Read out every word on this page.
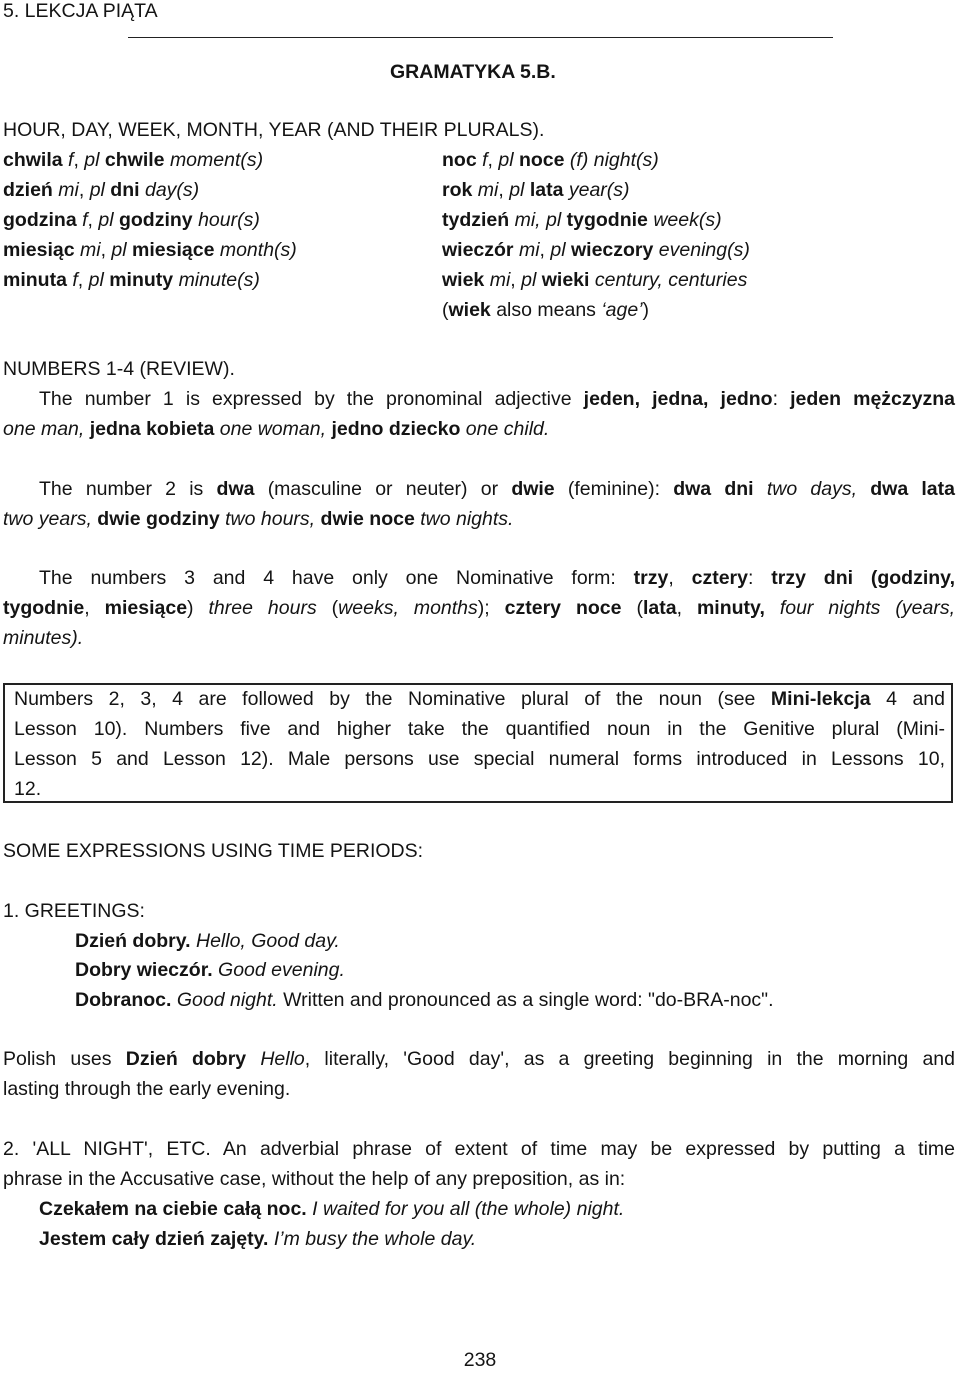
5. LEKCJA PIĄTA
GRAMATYKA 5.B.
HOUR, DAY, WEEK, MONTH, YEAR (AND THEIR PLURALS).
chwila f, pl chwile moment(s)
dzień mi, pl dni day(s)
godzina f, pl godziny hour(s)
miesiąc mi, pl miesiące month(s)
minuta f, pl minuty minute(s)
noc f, pl noce (f) night(s)
rok mi, pl lata year(s)
tydzień mi, pl tygodnie week(s)
wieczór mi, pl wieczory evening(s)
wiek mi, pl wieki century, centuries
(wiek also means ‘age’)
NUMBERS 1-4 (REVIEW).
The number 1 is expressed by the pronominal adjective jeden, jedna, jedno: jeden mężczyzna
one man, jedna kobieta one woman, jedno dziecko one child.
The number 2 is dwa (masculine or neuter) or dwie (feminine): dwa dni two days, dwa lata
two years, dwie godziny two hours, dwie noce two nights.
The numbers 3 and 4 have only one Nominative form: trzy, cztery: trzy dni (godziny,
tygodnie, miesiące) three hours (weeks, months); cztery noce (lata, minuty, four nights (years,
minutes).
Numbers 2, 3, 4 are followed by the Nominative plural of the noun (see Mini-lekcja 4 and
Lesson 10). Numbers five and higher take the quantified noun in the Genitive plural (Mini-
Lesson 5 and Lesson 12). Male persons use special numeral forms introduced in Lessons 10,
12.
SOME EXPRESSIONS USING TIME PERIODS:
1. GREETINGS:
Dzień dobry. Hello, Good day.
Dobry wieczór. Good evening.
Dobranoc. Good night. Written and pronounced as a single word: "do-BRA-noc".
Polish uses Dzień dobry Hello, literally, 'Good day', as a greeting beginning in the morning and
lasting through the early evening.
2. 'ALL NIGHT', ETC. An adverbial phrase of extent of time may be expressed by putting a time
phrase in the Accusative case, without the help of any preposition, as in:
Czekałem na ciebie całą noc. I waited for you all (the whole) night.
Jestem cały dzień zajęty. I’m busy the whole day.
238
